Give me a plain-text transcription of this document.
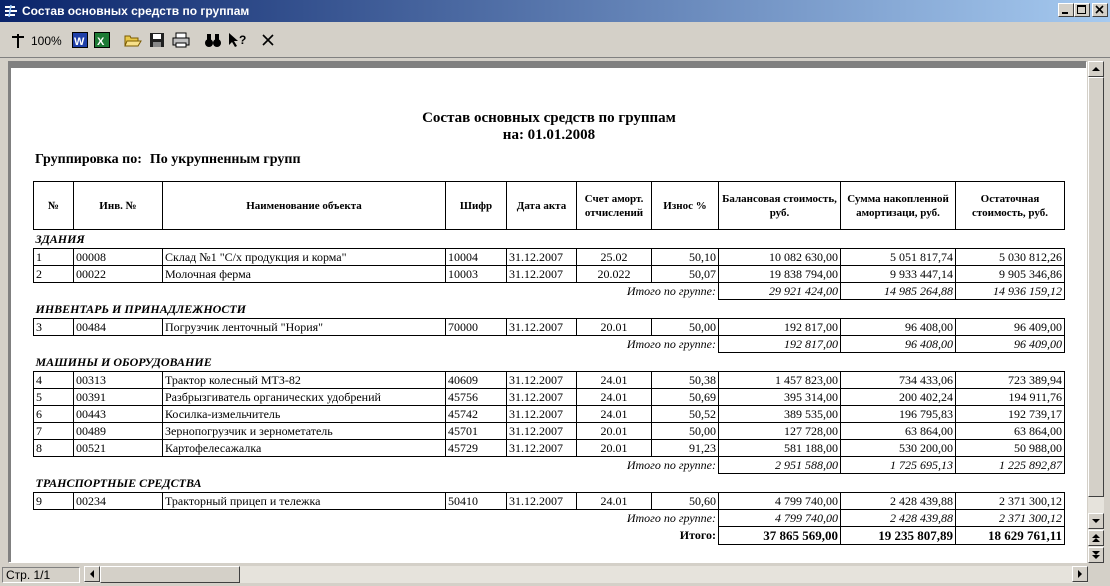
Состав основных средств по группам
100% W X	?
Состав основных средств по группам
на: 01.01.2008
Группировка по: По укрупненным групп
№	Инв. №	Наименование объекта	Шифр	Дата акта	Счет аморт. отчислений	Износ %	Балансовая стоимость, руб.	Сумма накопленной амортизаци, руб.	Остаточная стоимость, руб.
ЗДАНИЯ									
1	00008	Склад №1 "С/х продукция и корма"	10004	31.12.2007	25.02	50,10	10 082 630,00	5 051 817,74	5 030 812,26
2	00022	Молочная ферма	10003	31.12.2007	20.022	50,07	19 838 794,00	9 933 447,14	9 905 346,86
Итого по группе:							29 921 424,00	14 985 264,88	14 936 159,12
ИНВЕНТАРЬ И ПРИНАДЛЕЖНОСТИ									
3	00484	Погрузчик ленточный "Нория"	70000	31.12.2007	20.01	50,00	192 817,00	96 408,00	96 409,00
Итого по группе:							192 817,00	96 408,00	96 409,00
МАШИНЫ И ОБОРУДОВАНИЕ									
4	00313	Трактор колесный МТЗ-82	40609	31.12.2007	24.01	50,38	1 457 823,00	734 433,06	723 389,94
5	00391	Разбрызгиватель органических удобрений	45756	31.12.2007	24.01	50,69	395 314,00	200 402,24	194 911,76
6	00443	Косилка-измельчитель	45742	31.12.2007	24.01	50,52	389 535,00	196 795,83	192 739,17
7	00489	Зернопогрузчик и зернометатель	45701	31.12.2007	20.01	50,00	127 728,00	63 864,00	63 864,00
8	00521	Картофелесажалка	45729	31.12.2007	20.01	91,23	581 188,00	530 200,00	50 988,00
Итого по группе:							2 951 588,00	1 725 695,13	1 225 892,87
ТРАНСПОРТНЫЕ СРЕДСТВА									
9	00234	Тракторный прицеп и тележка	50410	31.12.2007	24.01	50,60	4 799 740,00	2 428 439,88	2 371 300,12
Итого по группе:							4 799 740,00	2 428 439,88	2 371 300,12
Итого:							37 865 569,00	19 235 807,89	18 629 761,11
Стр. 1/1
